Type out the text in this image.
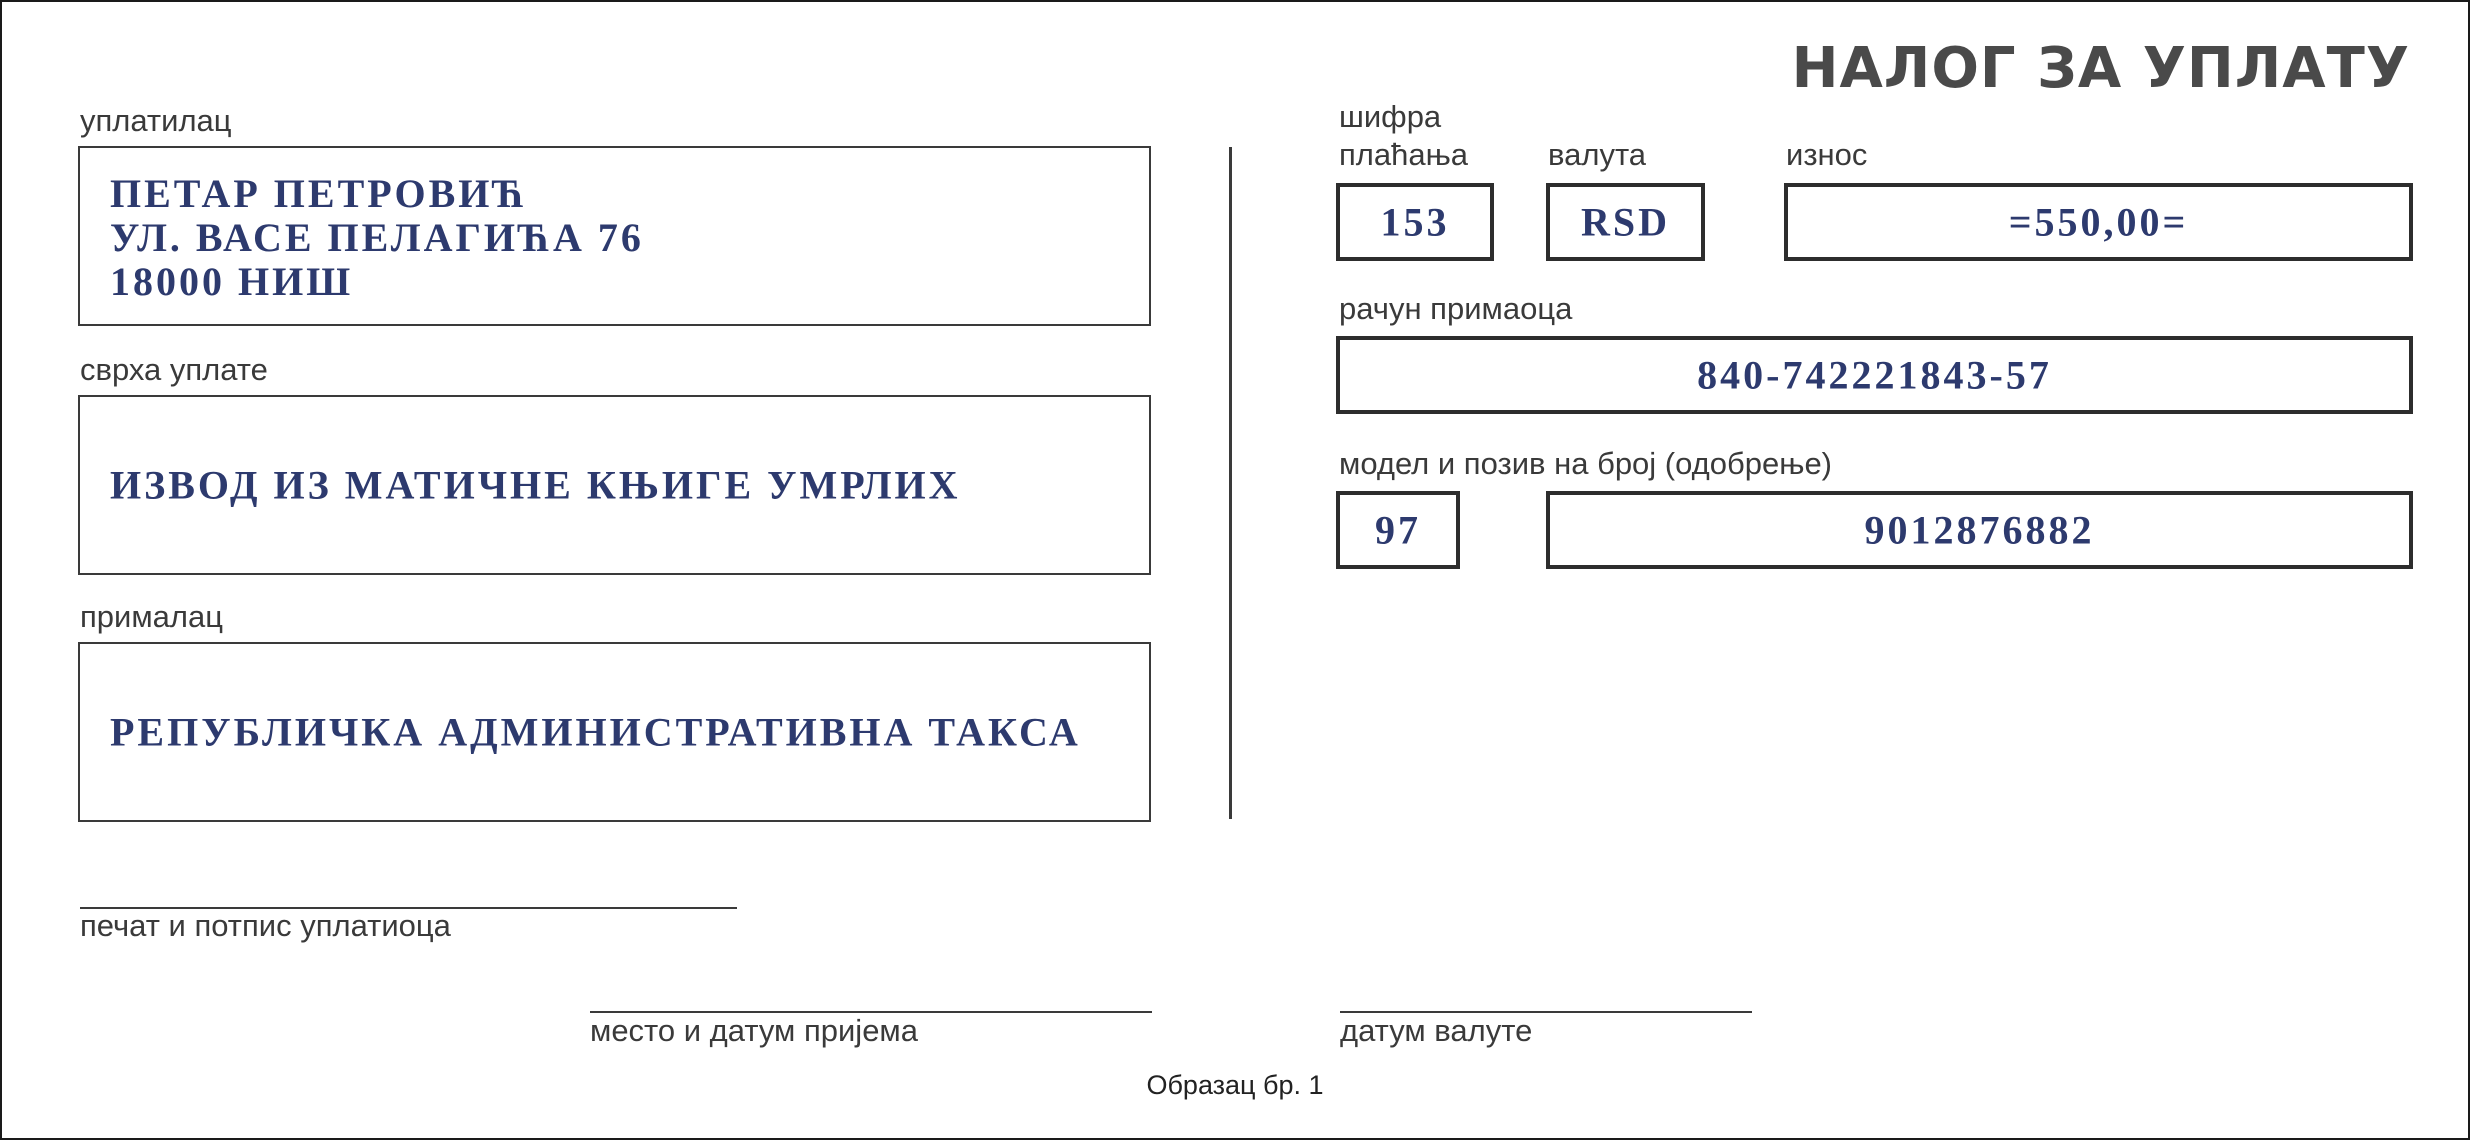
НАЛОГ ЗА УПЛАТУ
уплатилац
ПЕТАР ПЕТРОВИЋ
УЛ. ВАСЕ ПЕЛАГИЋА 76
18000 НИШ
сврха уплате
ИЗВОД ИЗ МАТИЧНЕ КЊИГЕ УМРЛИХ
прималац
РЕПУБЛИЧКА АДМИНИСТРАТИВНА ТАКСА
печат и потпис уплатиоца
шифра
плаћања	валута	износ
153	RSD	=550,00=
рачун примаоца
840-742221843-57
модел и позив на број (одобрење)
97	9012876882
место и датум пријема	датум валуте
Образац бр. 1
